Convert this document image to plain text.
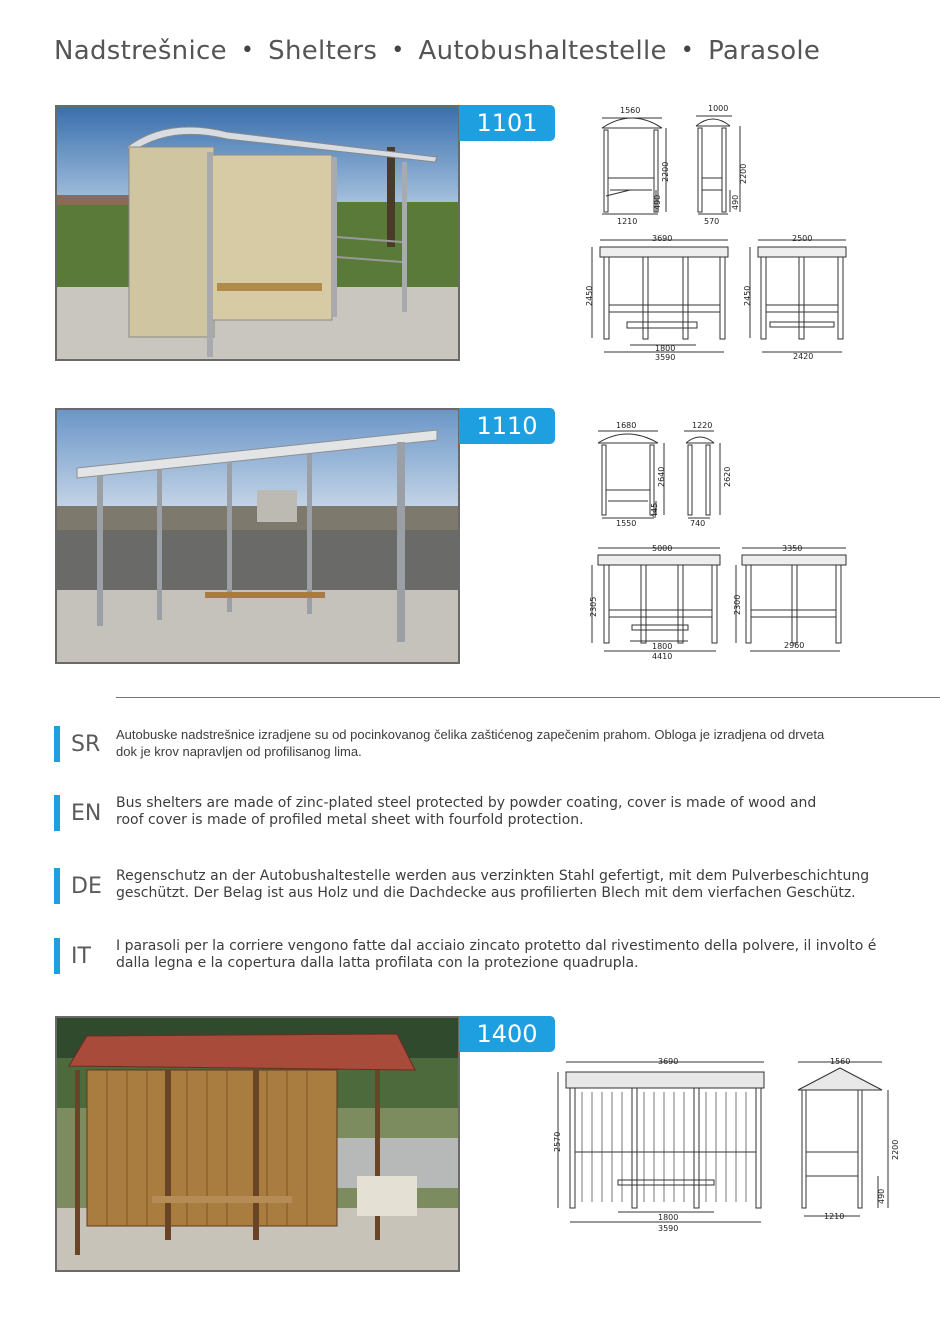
Nadstrešnice • Shelters • Autobushaltestelle • Parasole
1101	1560
1210
2200
490
1000
570
2200
490
3690
2450
1800
3590
2500
2450
2420
1110	1680
1550
2640
445
1220
740
2620
5000
2305
1800
4410
3350
2300
2960
SR Autobuske nadstrešnice izradjene su od pocinkovanog čelika zaštićenog zapečenim prahom. Obloga je izradjena od drveta dok je krov napravljen od profilisanog lima.
EN Bus shelters are made of zinc-plated steel protected by powder coating, cover is made of wood and roof cover is made of profiled metal sheet with fourfold protection.
DE Regenschutz an der Autobushaltestelle werden aus verzinkten Stahl gefertigt, mit dem Pulverbeschichtung geschützt. Der Belag ist aus Holz und die Dachdecke aus profilierten Blech mit dem vierfachen Geschütz.
IT I parasoli per la corriere vengono fatte dal acciaio zincato protetto dal rivestimento della polvere, il involto é dalla legna e la copertura dalla latta profilata con la protezione quadrupla.
1400
3690
2570
1800
3590
1560
2200
490
1210
